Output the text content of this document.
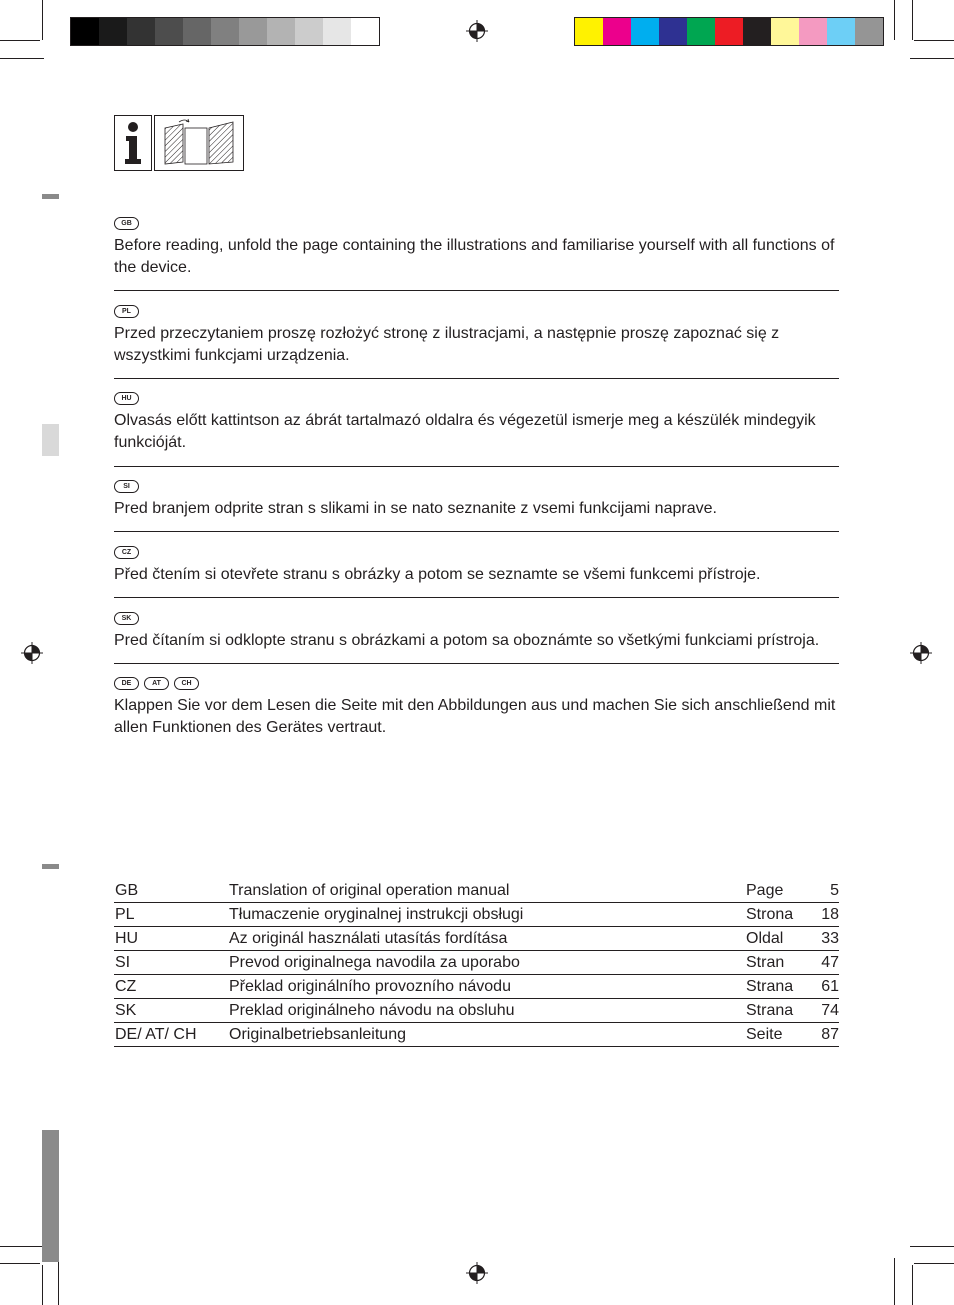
GB
Before reading, unfold the page containing the illustrations and familiarise yourself with all functions of the device.
PL
Przed przeczytaniem proszę rozłożyć stronę z ilustracjami, a następnie proszę zapoznać się z wszystkimi funkcjami urządzenia.
HU
Olvasás előtt kattintson az ábrát tartalmazó oldalra és végezetül ismerje meg a készülék mindegyik funkcióját.
SI
Pred branjem odprite stran s slikami in se nato seznanite z vsemi funkcijami naprave.
CZ
Před čtením si otevřete stranu s obrázky a potom se seznamte se všemi funkcemi přístroje.
SK
Pred čítaním si odklopte stranu s obrázkami a potom sa oboznámte so všetkými funkciami prístroja.
DE	AT	CH
Klappen Sie vor dem Lesen die Seite mit den Abbildungen aus und machen Sie sich anschließend mit allen Funktionen des Gerätes vertraut.
GB	Translation of original operation manual	Page	5
PL	Tłumaczenie oryginalnej instrukcji obsługi	Strona	18
HU	Az originál használati utasítás fordítása	Oldal	33
SI	Prevod originalnega navodila za uporabo	Stran	47
CZ	Překlad originálního provozního návodu	Strana	61
SK	Preklad originálneho návodu na obsluhu	Strana	74
DE/ AT/ CH	Originalbetriebsanleitung	Seite	87
